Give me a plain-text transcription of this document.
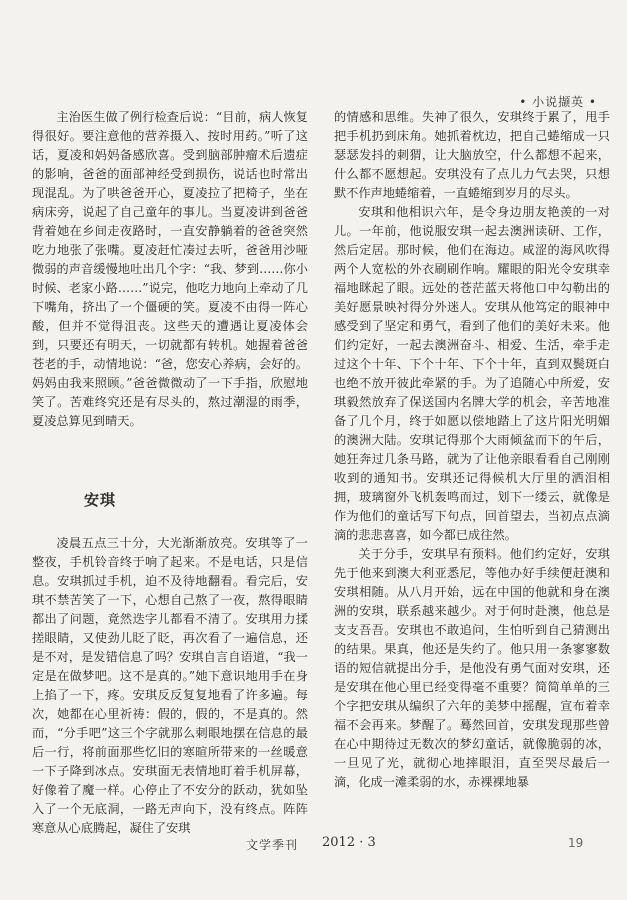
• 小说撷英 •

主治医生做了例行检查后说：“目前，病人恢复得很好。要注意他的营养摄入、按时用药。”听了这话，夏凌和妈妈备感欣喜。受到脑部肿瘤术后遗症的影响，爸爸的面部神经受到损伤，说话也时常出现混乱。为了哄爸爸开心，夏凌拉了把椅子，坐在病床旁，说起了自己童年的事儿。当夏凌讲到爸爸背着她在乡间走夜路时，一直安静躺着的爸爸突然吃力地张了张嘴。夏凌赶忙凑过去听，爸爸用沙哑微弱的声音缓慢地吐出几个字：“我、梦到……你小时候、老家小路……”说完，他吃力地向上牵动了几下嘴角，挤出了一个僵硬的笑。夏凌不由得一阵心酸，但并不觉得沮丧。这些天的遭遇让夏凌体会到，只要还有明天，一切就都有转机。她握着爸爸苍老的手，动情地说：“爸，您安心养病，会好的。妈妈由我来照顾。”爸爸微微动了一下手指，欣慰地笑了。苦难终究还是有尽头的，熬过潮湿的雨季，夏凌总算见到晴天。

安琪

凌晨五点三十分，大光渐渐放亮。安琪等了一整夜，手机铃音终于响了起来。不是电话，只是信息。安琪抓过手机，迫不及待地翻看。看完后，安琪不禁苦笑了一下，心想自己熬了一夜，熬得眼睛都出了问题，竟然迭字儿都看不清了。安琪用力揉搓眼睛，又使劲儿眨了眨，再次看了一遍信息，还是不对，是发错信息了吗？安琪自言自语道，“我一定是在做梦吧。这不是真的。”她下意识地用手在身上掐了一下，疼。安琪反反复复地看了许多遍。每次，她都在心里祈祷：假的，假的，不是真的。然而，“分手吧”这三个字就那么刺眼地摆在信息的最后一行，将前面那些忆旧的寒暄所带来的一丝暖意一下子降到冰点。安琪面无表情地盯着手机屏幕，好像着了魔一样。心停止了不安分的跃动，犹如坠入了一个无底洞，一路无声向下，没有终点。阵阵寒意从心底腾起，凝住了安琪

的情感和思维。失神了很久，安琪终于累了，甩手把手机扔到床角。她抓着枕边，把自己蜷缩成一只瑟瑟发抖的刺猬，让大脑放空，什么都想不起来，什么都不愿想起。安琪没有了点儿力气去哭，只想默不作声地蜷缩着，一直蜷缩到岁月的尽头。

安琪和他相识六年，是令身边朋友艳羡的一对儿。一年前，他说服安琪一起去澳洲读研、工作，然后定居。那时候，他们在海边。咸涩的海风吹得两个人宽松的外衣刷刷作响。耀眼的阳光令安琪幸福地眯起了眼。远处的苍茫蓝天将他口中勾勒出的美好愿景映衬得分外迷人。安琪从他笃定的眼神中感受到了坚定和勇气，看到了他们的美好未来。他们约定好，一起去澳洲奋斗、相爱、生活，牵手走过这个十年、下个十年、下个十年，直到双鬓斑白也绝不放开彼此牵紧的手。为了追随心中所爱，安琪毅然放弃了保送国内名牌大学的机会，辛苦地准备了几个月，终于如愿以偿地踏上了这片阳光明媚的澳洲大陆。安琪记得那个大雨倾盆而下的午后，她狂奔过几条马路，就为了让他亲眼看看自己刚刚收到的通知书。安琪还记得候机大厅里的洒泪相拥，玻璃窗外飞机轰鸣而过，划下一缕云，就像是作为他们的童话写下句点，回首望去，当初点点滴滴的悲悲喜喜，如今都已成往然。

关于分手，安琪早有预料。他们约定好，安琪先于他来到澳大利亚悉尼，等他办好手续便赶澳和安琪相随。从八月开始，远在中国的他就和身在澳洲的安琪，联系越来越少。对于何时赴澳，他总是支支吾吾。安琪也不敢追问，生怕听到自己猜测出的结果。果真，他还是失约了。他只用一条寥寥数语的短信就提出分手，是他没有勇气面对安琪，还是安琪在他心里已经变得毫不重要？简简单单的三个字把安琪从编织了六年的美梦中摇醒，宣布着幸福不会再来。梦醒了。蓦然回首，安琪发现那些曾在心中期待过无数次的梦幻童话，就像脆弱的冰，一旦见了光，就彻心地摔眼泪，直至哭尽最后一滴，化成一滩柔弱的水，赤裸裸地暴

文学季刊 2012 · 3	19
